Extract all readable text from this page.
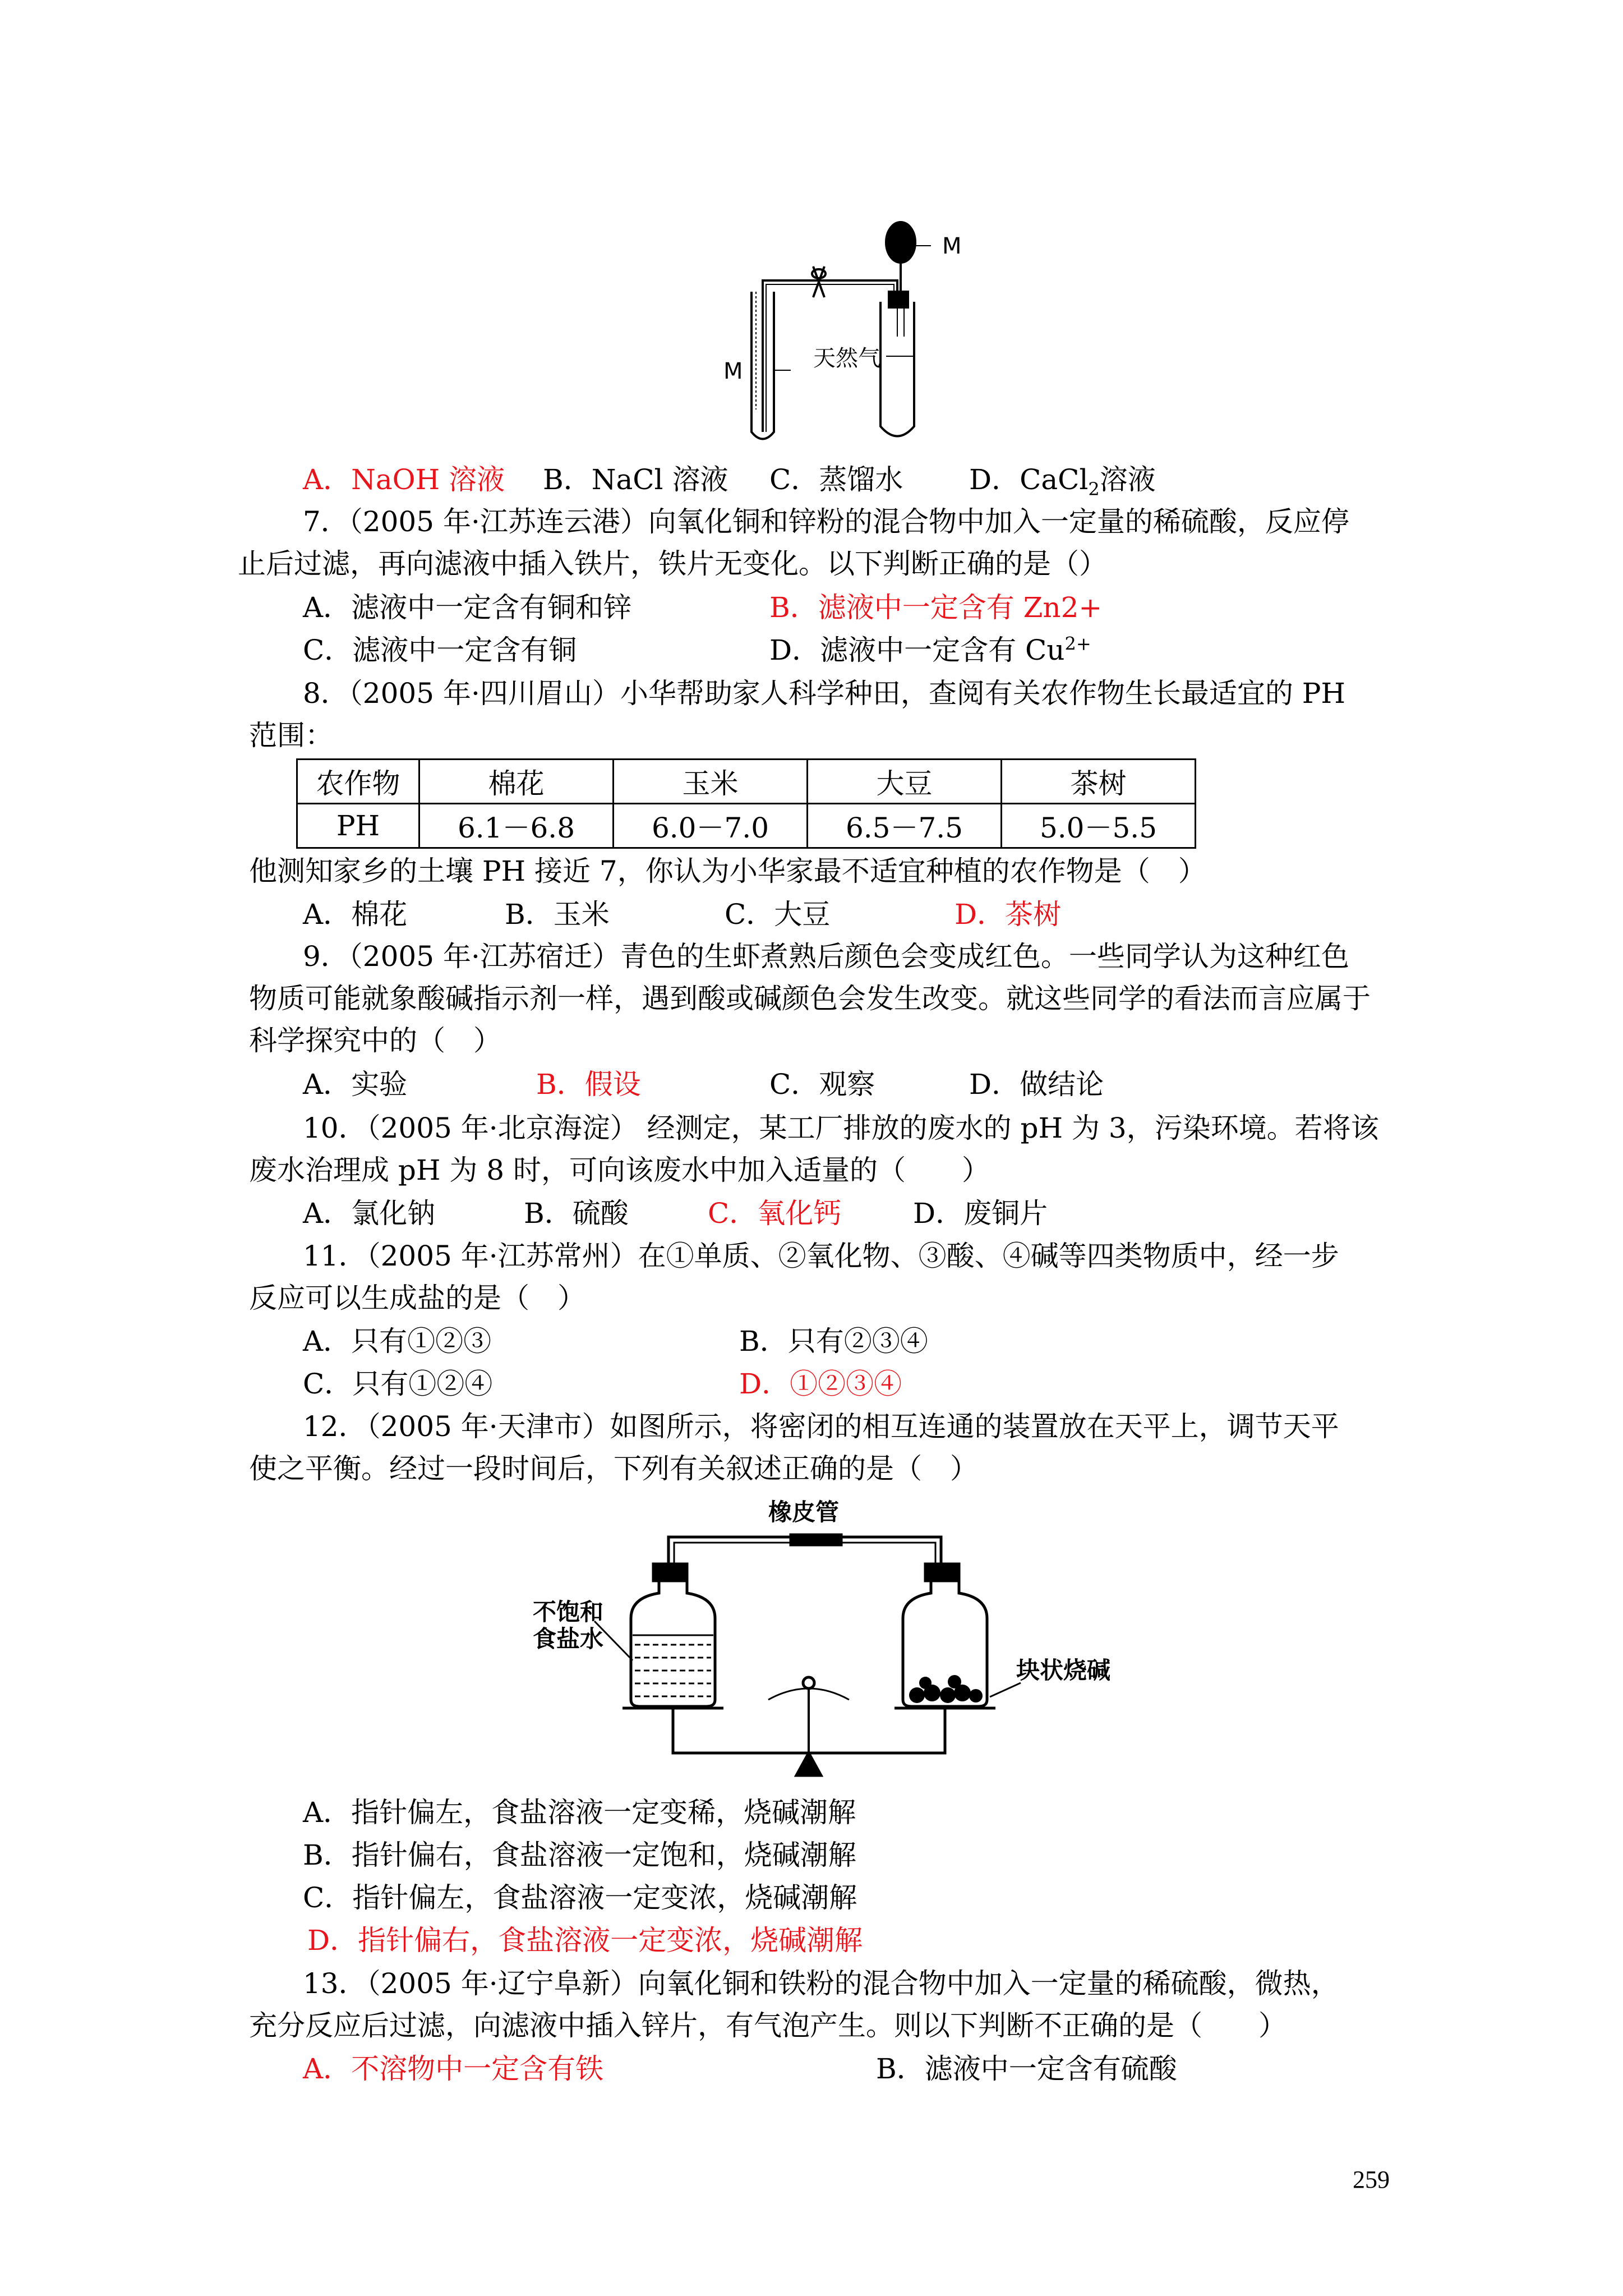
M
M	天然气
A．NaOH 溶液 B．NaCl 溶液 C．蒸馏水 D．CaCl$_2$溶液
7．（2005 年·江苏连云港）向氧化铜和锌粉的混合物中加入一定量的稀硫酸，反应停
止后过滤，再向滤液中插入铁片，铁片无变化。以下判断正确的是（）
A．滤液中一定含有铜和锌	B．滤液中一定含有 Zn2+
C．滤液中一定含有铜	D．滤液中一定含有 $Cu^{2+}$
8．（2005 年·四川眉山）小华帮助家人科学种田，查阅有关农作物生长最适宜的 PH
范围：
农作物	棉花	玉米	大豆	茶树
PH	6.1－6.8	6.0－7.0	6.5－7.5	5.0－5.5
他测知家乡的土壤 PH 接近 7，你认为小华家最不适宜种植的农作物是（　）
A．棉花	B．玉米	C．大豆	D．茶树
9．（2005 年·江苏宿迁）青色的生虾煮熟后颜色会变成红色。一些同学认为这种红色
物质可能就象酸碱指示剂一样，遇到酸或碱颜色会发生改变。就这些同学的看法而言应属于
科学探究中的（　）
A．实验	B．假设	C．观察	D．做结论
10．（2005 年·北京海淀） 经测定，某工厂排放的废水的 pH 为 3，污染环境。若将该
废水治理成 pH 为 8 时，可向该废水中加入适量的（　　）
A．氯化钠	B．硫酸	C．氧化钙	D．废铜片
11．（2005 年·江苏常州）在①单质、②氧化物、③酸、④碱等四类物质中，经一步
反应可以生成盐的是（　）
A．只有①②③	B．只有②③④
C．只有①②④	D．①②③④
12．（2005 年·天津市）如图所示，将密闭的相互连通的装置放在天平上，调节天平
使之平衡。经过一段时间后，下列有关叙述正确的是（　）
橡皮管
不饱和
食盐水
块状烧碱
A．指针偏左，食盐溶液一定变稀，烧碱潮解
B．指针偏右，食盐溶液一定饱和，烧碱潮解
C．指针偏左，食盐溶液一定变浓，烧碱潮解
D．指针偏右，食盐溶液一定变浓，烧碱潮解
13．（2005 年·辽宁阜新）向氧化铜和铁粉的混合物中加入一定量的稀硫酸，微热，
充分反应后过滤，向滤液中插入锌片，有气泡产生。则以下判断不正确的是（　　）
A．不溶物中一定含有铁	B．滤液中一定含有硫酸
259
